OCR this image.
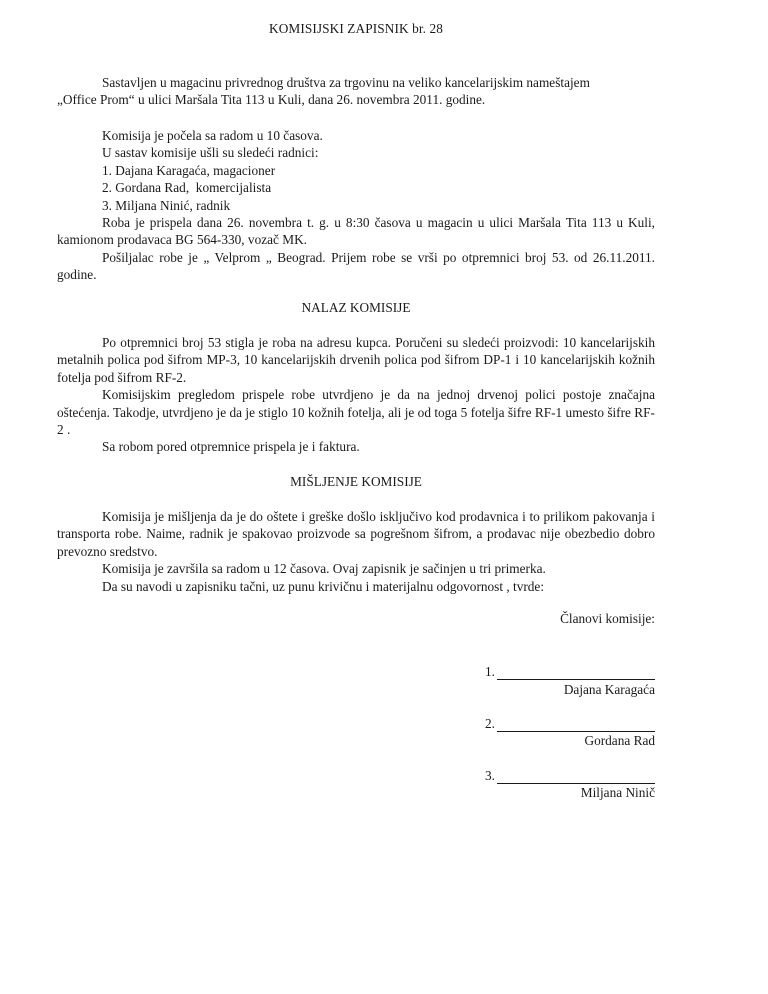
KOMISIJSKI ZAPISNIK br. 28

Sastavljen u magacinu privrednog društva za trgovinu na veliko kancelarijskim nameštajem

„Office Prom“ u ulici Maršala Tita 113 u Kuli, dana 26. novembra 2011. godine.

Komisija je počela sa radom u 10 časova.

U sastav komisije ušli su sledeći radnici:

1. Dajana Karagaća, magacioner

2. Gordana Rad,  komercijalista

3. Miljana Ninić, radnik

Roba je prispela dana 26. novembra t. g. u 8:30 časova u magacin u ulici Maršala Tita 113 u Kuli, kamionom prodavaca BG 564-330, vozač MK.

Pošiljalac robe je „ Velprom „ Beograd. Prijem robe se vrši po otpremnici broj 53. od 26.11.2011. godine.

NALAZ KOMISIJE

Po otpremnici broj 53 stigla je roba na adresu kupca. Poručeni su sledeći proizvodi: 10 kancelarijskih metalnih polica pod šifrom MP-3, 10 kancelarijskih drvenih polica pod šifrom DP-1 i 10 kancelarijskih kožnih fotelja pod šifrom RF-2.

Komisijskim pregledom prispele robe utvrdjeno je da na jednoj drvenoj polici postoje značajna oštećenja. Takodje, utvrdjeno je da je stiglo 10 kožnih fotelja, ali je od toga 5 fotelja šifre RF-1 umesto šifre RF-2 .

Sa robom pored otpremnice prispela je i faktura.

MIŠLJENJE KOMISIJE

Komisija je mišljenja da je do oštete i greške došlo isključivo kod prodavnica i to prilikom pakovanja i transporta robe. Naime, radnik je spakovao proizvode sa pogrešnom šifrom, a prodavac nije obezbedio dobro prevozno sredstvo.

Komisija je završila sa radom u 12 časova. Ovaj zapisnik je sačinjen u tri primerka.

Da su navodi u zapisniku tačni, uz punu krivičnu i materijalnu odgovornost , tvrde:

Članovi komisije:
1.
Dajana Karagaća
2.
Gordana Rad
3.
Miljana Ninič
